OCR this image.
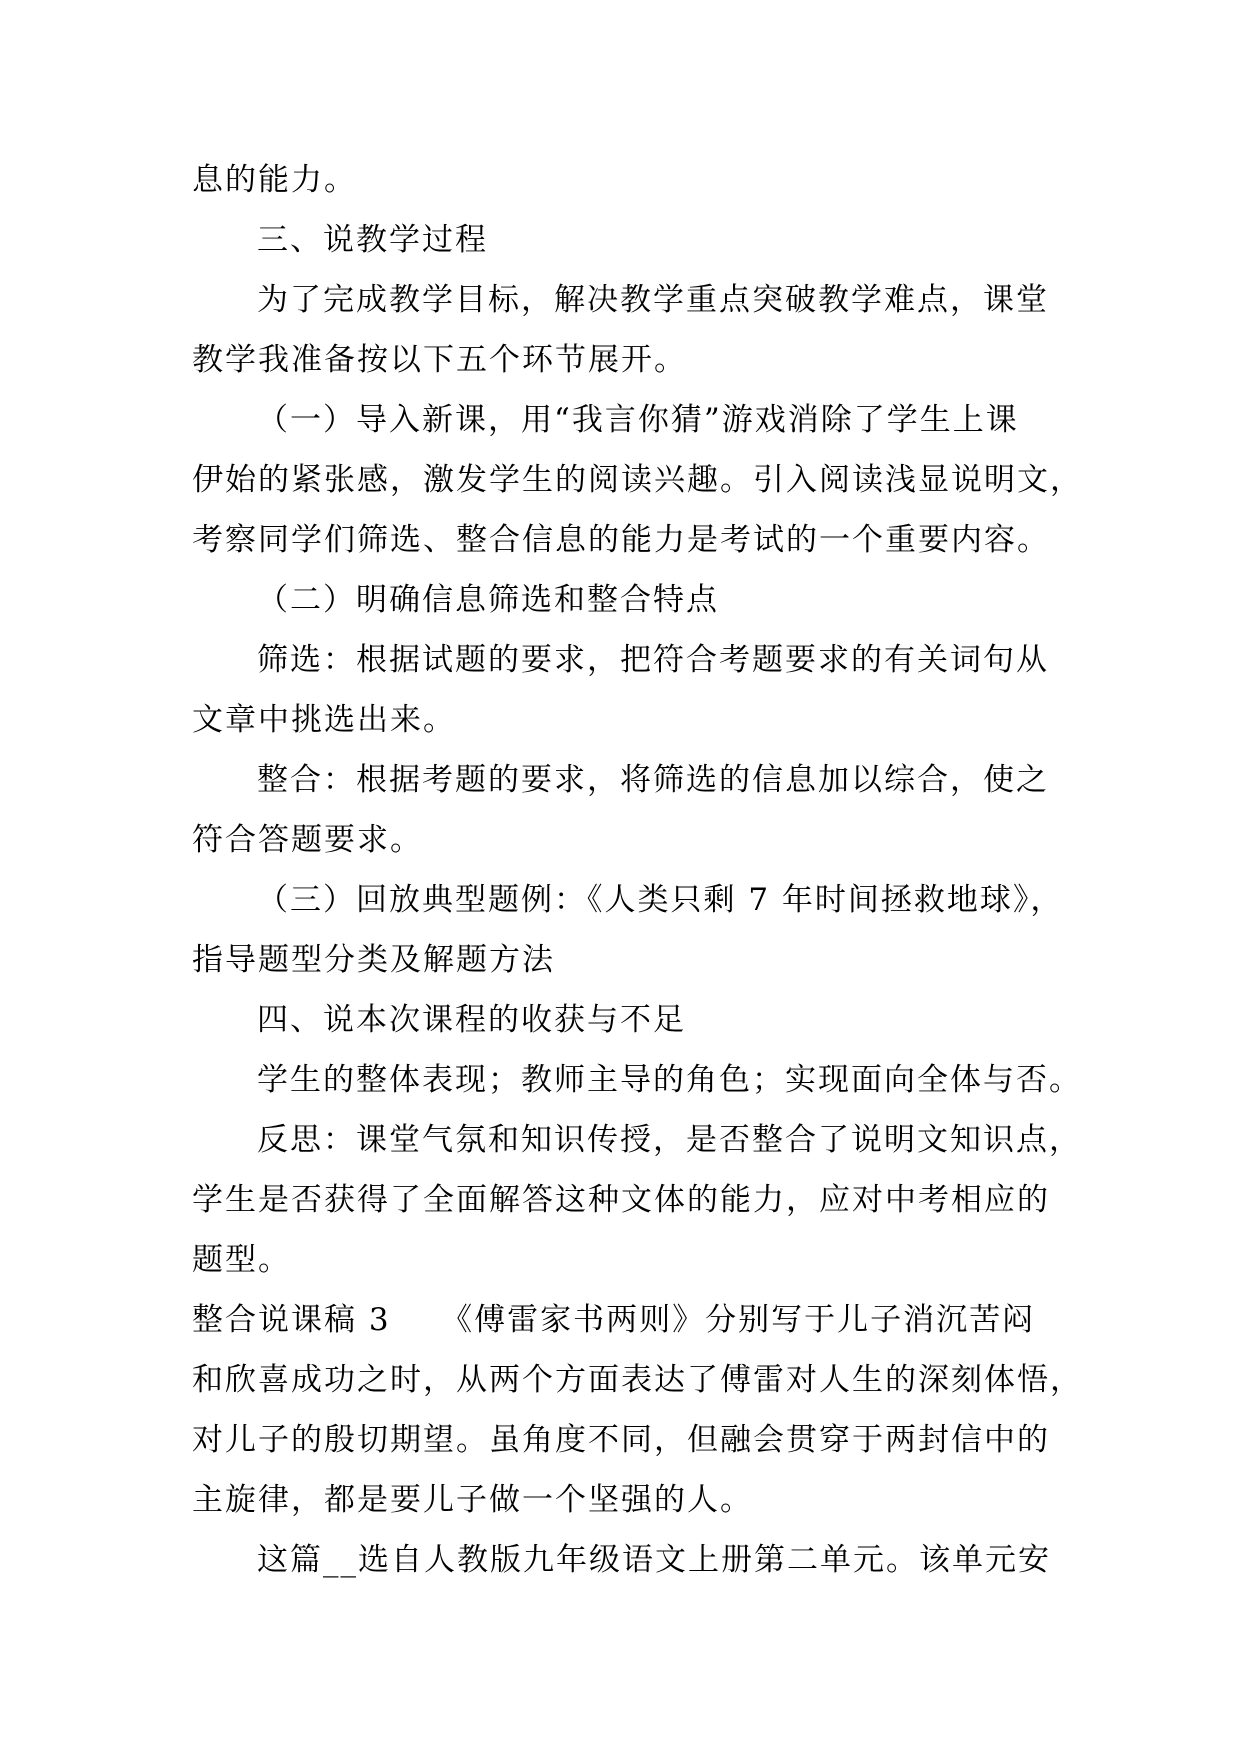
息的能力。
三、说教学过程
为了完成教学目标，解决教学重点突破教学难点，课堂
教学我准备按以下五个环节展开。
（一）导入新课，用“我言你猜”游戏消除了学生上课
伊始的紧张感，激发学生的阅读兴趣。引入阅读浅显说明文，
考察同学们筛选、整合信息的能力是考试的一个重要内容。
（二）明确信息筛选和整合特点
筛选：根据试题的要求，把符合考题要求的有关词句从
文章中挑选出来。
整合：根据考题的要求，将筛选的信息加以综合，使之
符合答题要求。
（三）回放典型题例：《人类只剩 7 年时间拯救地球》，
指导题型分类及解题方法
四、说本次课程的收获与不足
学生的整体表现；教师主导的角色；实现面向全体与否。
反思：课堂气氛和知识传授，是否整合了说明文知识点，
学生是否获得了全面解答这种文体的能力，应对中考相应的
题型。
整合说课稿 3　　《傅雷家书两则》分别写于儿子消沉苦闷
和欣喜成功之时，从两个方面表达了傅雷对人生的深刻体悟，
对儿子的殷切期望。虽角度不同，但融会贯穿于两封信中的
主旋律，都是要儿子做一个坚强的人。
这篇__选自人教版九年级语文上册第二单元。该单元安
